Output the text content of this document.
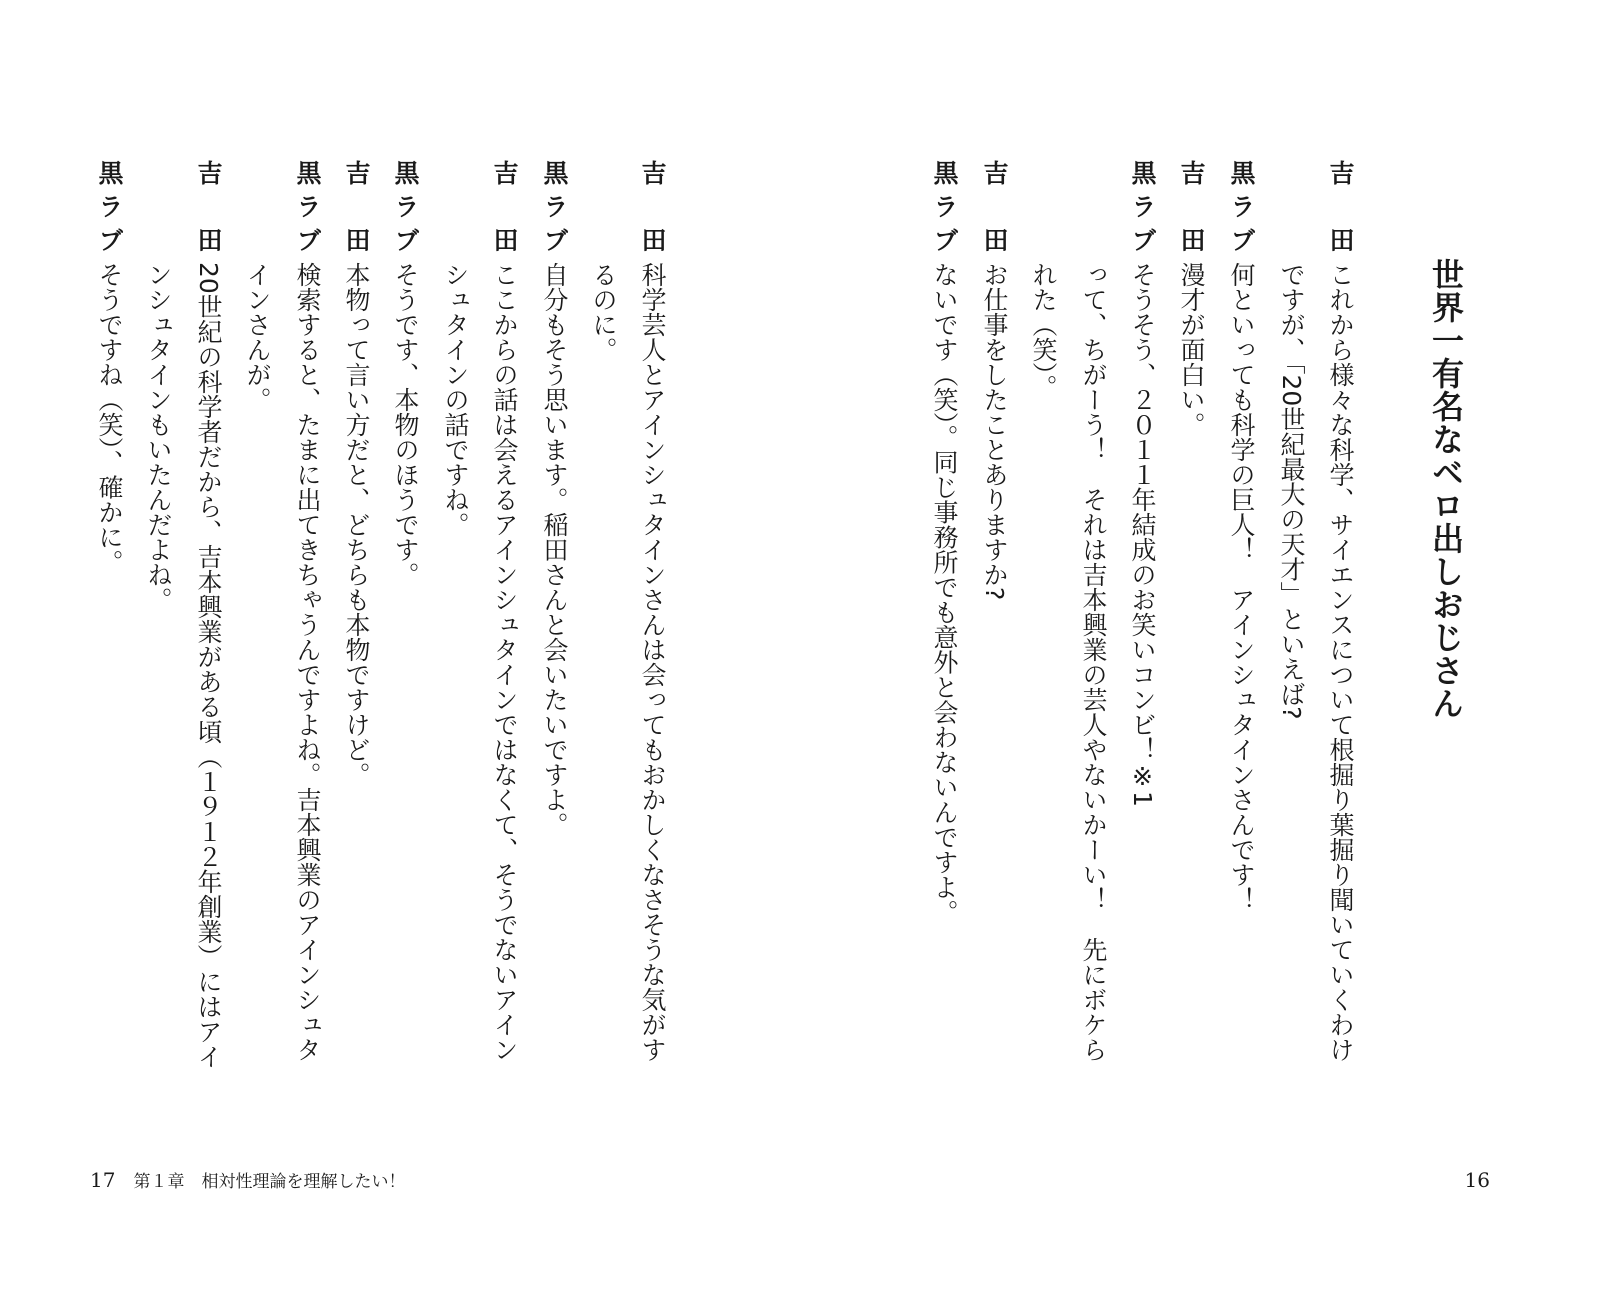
世界一有名なベロ出しおじさん
吉　田
これから様々な科学、サイエンスについて根掘り葉掘り聞いていくわけ
ですが、「20世紀最大の天才」といえば?
黒ラブ
何といっても科学の巨人！　アインシュタインさんです！
吉　田
漫才が面白い。
黒ラブ
そうそう、２０１１年結成のお笑いコンビ！※1
って、ちがーう！　それは吉本興業の芸人やないかーい！　先にボケら
れた（笑）。
吉　田
お仕事をしたことありますか?
黒ラブ
ないです（笑）。同じ事務所でも意外と会わないんですよ。
16
吉　田
科学芸人とアインシュタインさんは会ってもおかしくなさそうな気がす
るのに。
黒ラブ
自分もそう思います。稲田さんと会いたいですよ。
吉　田
ここからの話は会えるアインシュタインではなくて、そうでないアイン
シュタインの話ですね。
黒ラブ
そうです、本物のほうです。
吉　田
本物って言い方だと、どちらも本物ですけど。
黒ラブ
検索すると、たまに出てきちゃうんですよね。吉本興業のアインシュタ
インさんが。
吉　田
20世紀の科学者だから、吉本興業がある頃（１９１２年創業）にはアイ
ンシュタインもいたんだよね。
黒ラブ
そうですね（笑）、確かに。
17 第１章　相対性理論を理解したい！
